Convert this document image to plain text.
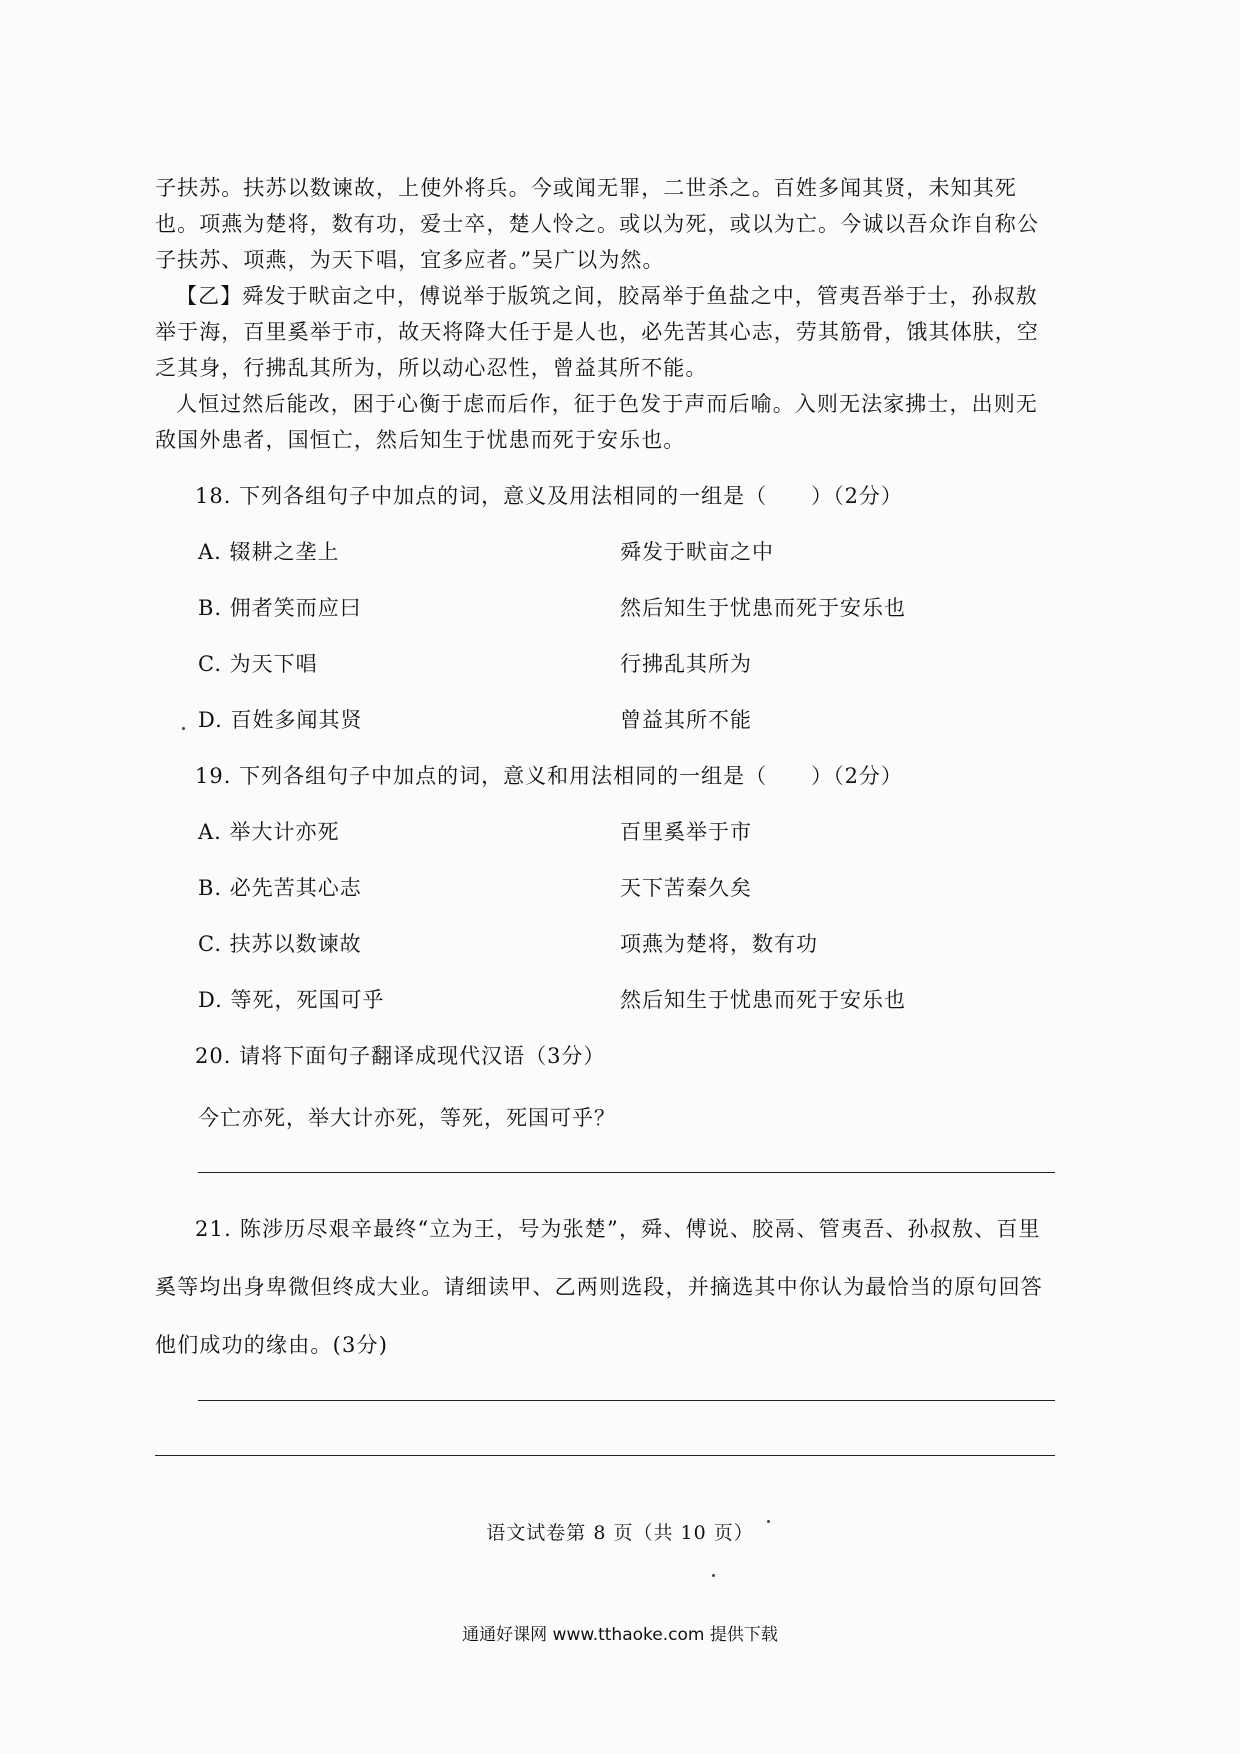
子扶苏。扶苏以数谏故，上使外将兵。今或闻无罪，二世杀之。百姓多闻其贤，未知其死

也。项燕为楚将，数有功，爱士卒，楚人怜之。或以为死，或以为亡。今诚以吾众诈自称公

子扶苏、项燕，为天下唱，宜多应者。”吴广以为然。

【乙】舜发于畎亩之中，傅说举于版筑之间，胶鬲举于鱼盐之中，管夷吾举于士，孙叔敖举于海，百里奚举于市，故天将降大任于是人也，必先苦其心志，劳其筋骨，饿其体肤，空乏其身，行拂乱其所为，所以动心忍性，曾益其所不能。

人恒过然后能改，困于心衡于虑而后作，征于色发于声而后喻。入则无法家拂士，出则无敌国外患者，国恒亡，然后知生于忧患而死于安乐也。

18. 下列各组句子中加点的词，意义及用法相同的一组是（　　）（2分）
A. 辍耕之垄上	舜发于畎亩之中
B. 佣者笑而应曰	然后知生于忧患而死于安乐也
C. 为天下唱	行拂乱其所为
D. 百姓多闻其贤	曾益其所不能
19. 下列各组句子中加点的词，意义和用法相同的一组是（　　）（2分）
A. 举大计亦死	百里奚举于市
B. 必先苦其心志	天下苦秦久矣
C. 扶苏以数谏故	项燕为楚将，数有功
D. 等死，死国可乎	然后知生于忧患而死于安乐也
20. 请将下面句子翻译成现代汉语（3分）
今亡亦死，举大计亦死，等死，死国可乎？
21. 陈涉历尽艰辛最终“立为王，号为张楚”，舜、傅说、胶鬲、管夷吾、孙叔敖、百里奚等均出身卑微但终成大业。请细读甲、乙两则选段，并摘选其中你认为最恰当的原句回答他们成功的缘由。(3分)
语文试卷第 8 页（共 10 页）
通通好课网 www.tthaoke.com 提供下载
